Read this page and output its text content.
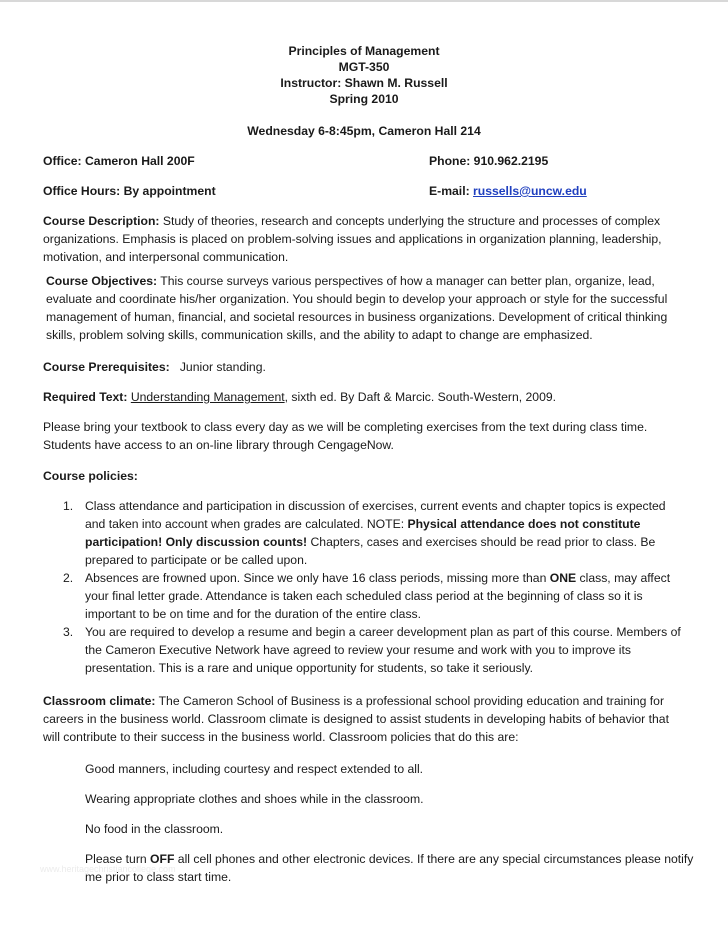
Principles of Management
MGT-350
Instructor: Shawn M. Russell
Spring 2010
Wednesday 6-8:45pm, Cameron Hall 214
Office: Cameron Hall 200F	Phone: 910.962.2195
Office Hours: By appointment	E-mail: russells@uncw.edu
Course Description: Study of theories, research and concepts underlying the structure and processes of complex organizations. Emphasis is placed on problem-solving issues and applications in organization planning, leadership, motivation, and interpersonal communication.
Course Objectives: This course surveys various perspectives of how a manager can better plan, organize, lead, evaluate and coordinate his/her organization. You should begin to develop your approach or style for the successful management of human, financial, and societal resources in business organizations. Development of critical thinking skills, problem solving skills, communication skills, and the ability to adapt to change are emphasized.
Course Prerequisites:   Junior standing.
Required Text: Understanding Management, sixth ed. By Daft & Marcic. South-Western, 2009.
Please bring your textbook to class every day as we will be completing exercises from the text during class time. Students have access to an on-line library through CengageNow.
Course policies:
1. Class attendance and participation in discussion of exercises, current events and chapter topics is expected and taken into account when grades are calculated. NOTE: Physical attendance does not constitute participation! Only discussion counts! Chapters, cases and exercises should be read prior to class. Be prepared to participate or be called upon.
2. Absences are frowned upon. Since we only have 16 class periods, missing more than ONE class, may affect your final letter grade. Attendance is taken each scheduled class period at the beginning of class so it is important to be on time and for the duration of the entire class.
3. You are required to develop a resume and begin a career development plan as part of this course. Members of the Cameron Executive Network have agreed to review your resume and work with you to improve its presentation. This is a rare and unique opportunity for students, so take it seriously.
Classroom climate: The Cameron School of Business is a professional school providing education and training for careers in the business world. Classroom climate is designed to assist students in developing habits of behavior that will contribute to their success in the business world. Classroom policies that do this are:
Good manners, including courtesy and respect extended to all.
Wearing appropriate clothes and shoes while in the classroom.
No food in the classroom.
Please turn OFF all cell phones and other electronic devices. If there are any special circumstances please notify me prior to class start time.
www.heritagechristiancollege.com
